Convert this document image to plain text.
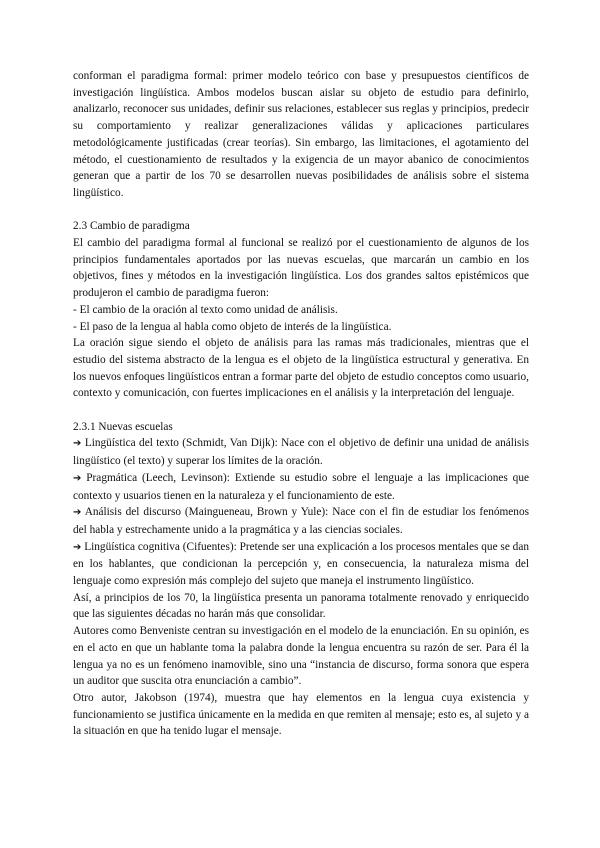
conforman el paradigma formal: primer modelo teórico con base y presupuestos científicos de investigación lingüística. Ambos modelos buscan aislar su objeto de estudio para definirlo, analizarlo, reconocer sus unidades, definir sus relaciones, establecer sus reglas y principios, predecir su comportamiento y realizar generalizaciones válidas y aplicaciones particulares metodológicamente justificadas (crear teorías). Sin embargo, las limitaciones, el agotamiento del método, el cuestionamiento de resultados y la exigencia de un mayor abanico de conocimientos generan que a partir de los 70 se desarrollen nuevas posibilidades de análisis sobre el sistema lingüístico.

2.3 Cambio de paradigma

El cambio del paradigma formal al funcional se realizó por el cuestionamiento de algunos de los principios fundamentales aportados por las nuevas escuelas, que marcarán un cambio en los objetivos, fines y métodos en la investigación lingüística. Los dos grandes saltos epistémicos que produjeron el cambio de paradigma fueron:

- El cambio de la oración al texto como unidad de análisis.

- El paso de la lengua al habla como objeto de interés de la lingüística.

La oración sigue siendo el objeto de análisis para las ramas más tradicionales, mientras que el estudio del sistema abstracto de la lengua es el objeto de la lingüística estructural y generativa. En los nuevos enfoques lingüísticos entran a formar parte del objeto de estudio conceptos como usuario, contexto y comunicación, con fuertes implicaciones en el análisis y la interpretación del lenguaje.

2.3.1 Nuevas escuelas

➔ Lingüística del texto (Schmidt, Van Dijk): Nace con el objetivo de definir una unidad de análisis lingüístico (el texto) y superar los límites de la oración.

➔ Pragmática (Leech, Levinson): Extiende su estudio sobre el lenguaje a las implicaciones que contexto y usuarios tienen en la naturaleza y el funcionamiento de este.

➔ Análisis del discurso (Maingueneau, Brown y Yule): Nace con el fin de estudiar los fenómenos del habla y estrechamente unido a la pragmática y a las ciencias sociales.

➔ Lingüística cognitiva (Cifuentes): Pretende ser una explicación a los procesos mentales que se dan en los hablantes, que condicionan la percepción y, en consecuencia, la naturaleza misma del lenguaje como expresión más complejo del sujeto que maneja el instrumento lingüístico.

Así, a principios de los 70, la lingüística presenta un panorama totalmente renovado y enriquecido que las siguientes décadas no harán más que consolidar.

Autores como Benveniste centran su investigación en el modelo de la enunciación. En su opinión, es en el acto en que un hablante toma la palabra donde la lengua encuentra su razón de ser. Para él la lengua ya no es un fenómeno inamovible, sino una “instancia de discurso, forma sonora que espera un auditor que suscita otra enunciación a cambio”.

Otro autor, Jakobson (1974), muestra que hay elementos en la lengua cuya existencia y funcionamiento se justifica únicamente en la medida en que remiten al mensaje; esto es, al sujeto y a la situación en que ha tenido lugar el mensaje.
